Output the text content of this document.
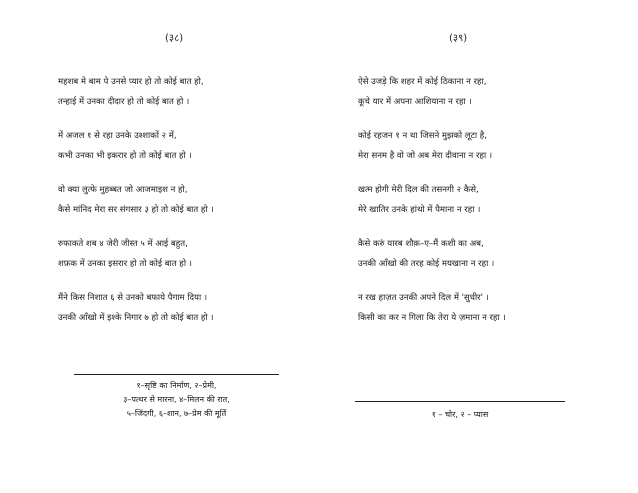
(३८)
महशब मे बाम पे उनसे प्यार हो तो कोई बात हो,
तन्हाई में उनका दीदार हो तो कोई बात हो ।
में अजल १ से रहा उनके उश्शाकों २ में,
कभी उनका भी इकरार हो तो कोई बात हो ।
वो क्या लुत्फे मुहब्बत जो आजमाइश न हो,
कैसे मांनिद मेरा सर संगसार ३ हो तो कोई बात हो ।
रुफाकते शब ४ जेरी जीस्त ५ में आई बहुत,
शफ़क में उनका इसरार हो तो कोई बात हो ।
मैंने किस निशात ६ से उनको बफाये पैगाम दिया ।
उनकी आँखो में इश्के निगार ७ हो तो कोई बात हो ।
१–सृष्टि का निर्माण, २–प्रेमी,
३–पत्थर से मारना, ४–मिलन की रात,
५–जिंदगी, ६–शान, ७–प्रेम की मूर्ति
(३९)
ऐसे उजड़े कि शहर में कोई ठिकाना न रहा,
कूचे यार में अपना आशियाना न रहा ।
कोई रहजन १ न था जिसने मुझको लूटा है,
मेरा सनम है वो जो अब मेरा दीवाना न रहा ।
खत्म होगी मेरी दिल की तसनगी २ कैसे,
मेरे खातिर उनके हांथो में पैमाना न रहा ।
कैसे करुं यारब शौक़–ए–मैं कशी का अब,
उनकी आँखो की तरह कोई मयखाना न रहा ।
न रख हाज़त उनकी अपने दिल में 'सुधीर' ।
किसी का कर न गिला कि तेरा ये ज़माना न रहा ।
१ – चोर, २ – प्यास
